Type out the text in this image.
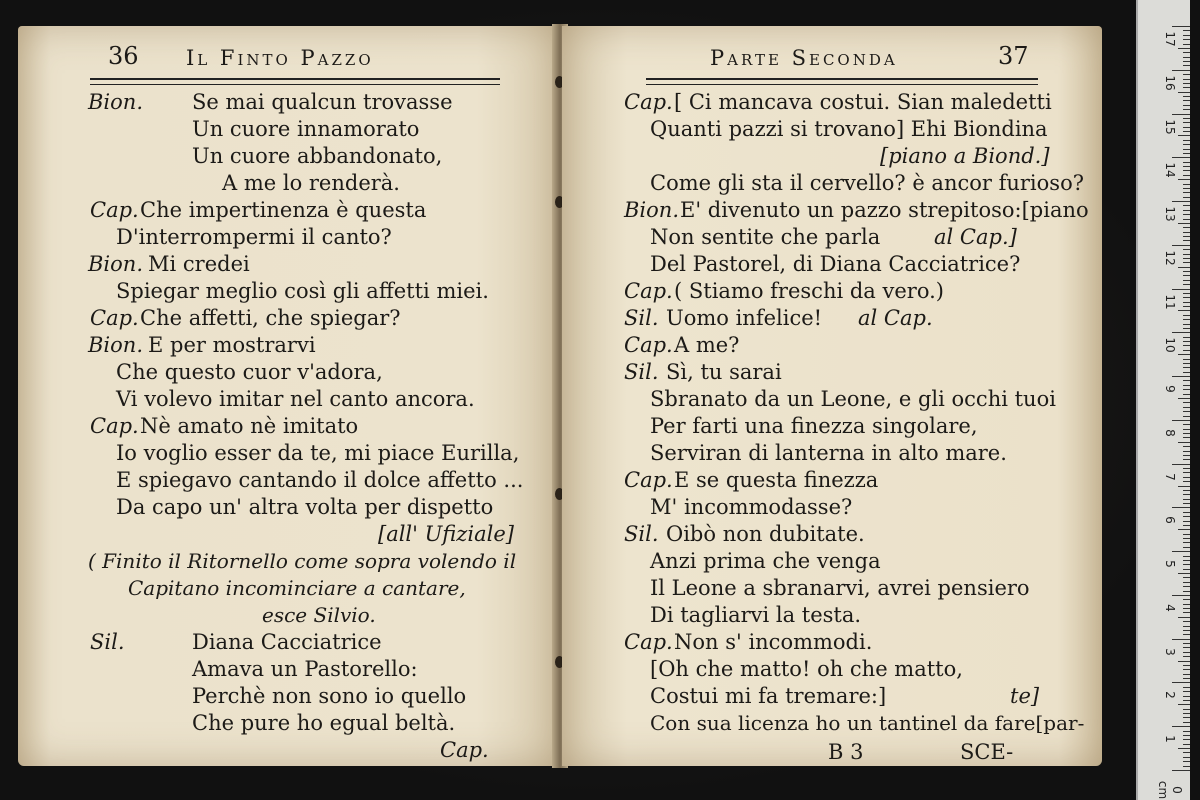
36 Il Finto Pazzo
Bion. Se mai qualcun trovasse
Un cuore innamorato
Un cuore abbandonato,
A me lo renderà.
Cap. Che impertinenza è questa
D'interrompermi il canto?
Bion. Mi credei
Spiegar meglio così gli affetti miei.
Cap. Che affetti, che spiegar?
Bion. E per mostrarvi
Che questo cuor v'adora,
Vi volevo imitar nel canto ancora.
Cap. Nè amato nè imitato
Io voglio esser da te, mi piace Eurilla,
E spiegavo cantando il dolce affetto ...
Da capo un' altra volta per dispetto
[all' Ufiziale]
( Finito il Ritornello come sopra volendo il
Capitano incominciare a cantare,
esce Silvio.
Sil.	Diana Cacciatrice
Amava un Pastorello:
Perchè non sono io quello
Che pure ho egual beltà.
Cap.
Parte Seconda	37
Cap. [ Ci mancava costui. Sian maledetti
Quanti pazzi si trovano] Ehi Biondina
[piano a Biond.]
Come gli sta il cervello? è ancor furioso?
Bion. E' divenuto un pazzo strepitoso:[piano
Non sentite che parla	al Cap.]
Del Pastorel, di Diana Cacciatrice?
Cap. ( Stiamo freschi da vero.)
Sil. Uomo infelice! al Cap.
Cap. A me?
Sil. Sì, tu sarai
Sbranato da un Leone, e gli occhi tuoi
Per farti una finezza singolare,
Serviran di lanterna in alto mare.
Cap. E se questa finezza
M' incommodasse?
Sil. Oibò non dubitate.
Anzi prima che venga
Il Leone a sbranarvi, avrei pensiero
Di tagliarvi la testa.
Cap. Non s' incommodi.
[Oh che matto! oh che matto,
Costui mi fa tremare:]	te]
Con sua licenza ho un tantinel da fare[par-
B 3	SCE-
17
16
15
14
13
12
11
10
9
8
7
6
5
4
3
2
1
0 cm
